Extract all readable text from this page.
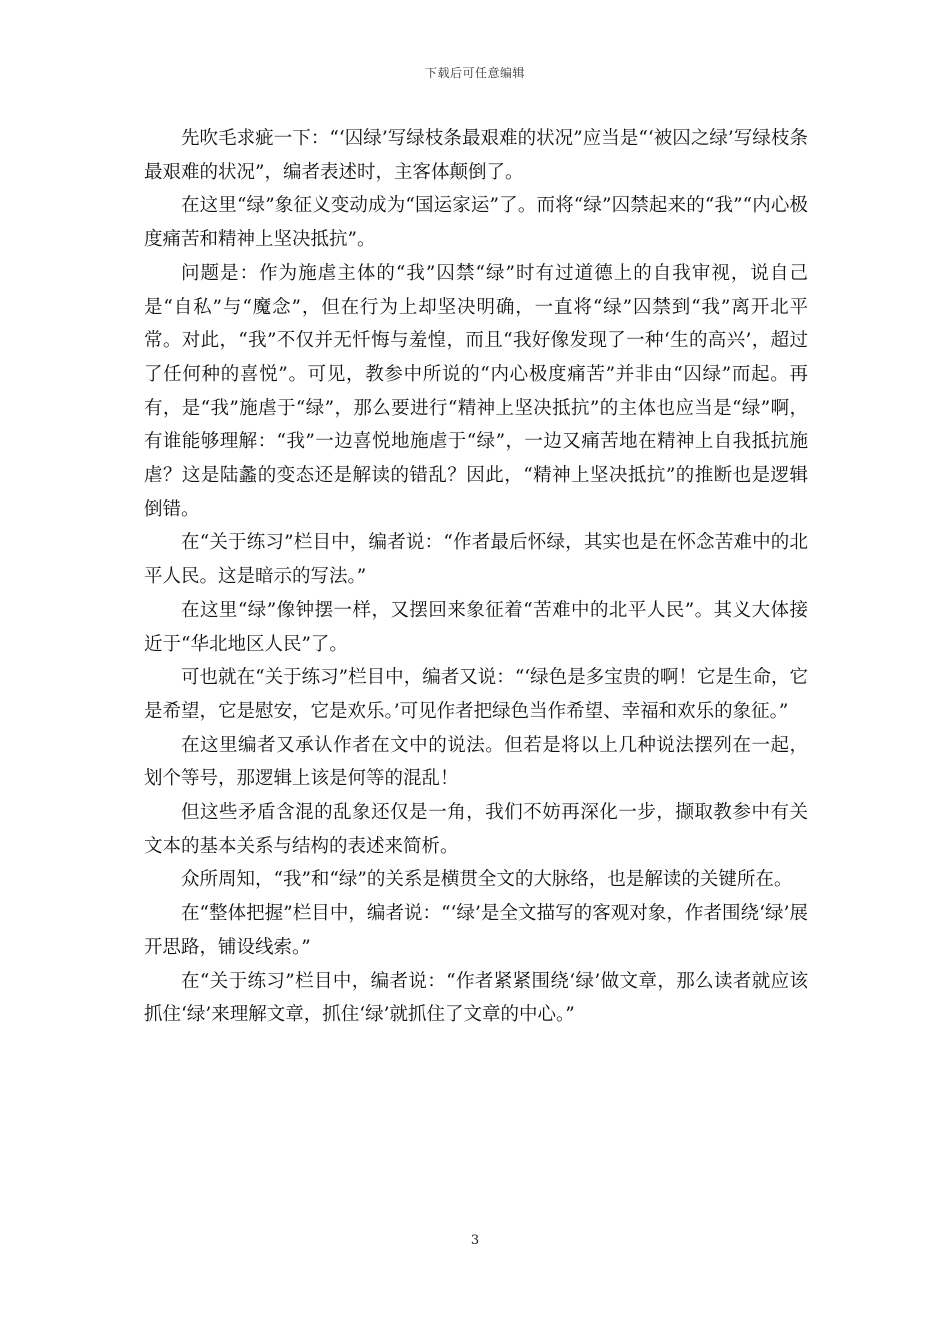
下载后可任意编辑

先吹毛求疵一下：“‘囚绿’写绿枝条最艰难的状况”应当是“‘被囚之绿’写绿枝条最艰难的状况”，编者表述时，主客体颠倒了。

在这里“绿”象征义变动成为“国运家运”了。而将“绿”囚禁起来的“我”“内心极度痛苦和精神上坚决抵抗”。

问题是：作为施虐主体的“我”囚禁“绿”时有过道德上的自我审视，说自己是“自私”与“魔念”，但在行为上却坚决明确，一直将“绿”囚禁到“我”离开北平常。对此，“我”不仅并无忏悔与羞惶，而且“我好像发现了一种‘生的高兴’，超过了任何种的喜悦”。可见，教参中所说的“内心极度痛苦”并非由“囚绿”而起。再有，是“我”施虐于“绿”，那么要进行“精神上坚决抵抗”的主体也应当是“绿”啊，有谁能够理解：“我”一边喜悦地施虐于“绿”，一边又痛苦地在精神上自我抵抗施虐？这是陆蠡的变态还是解读的错乱？因此，“精神上坚决抵抗”的推断也是逻辑倒错。

在“关于练习”栏目中，编者说：“作者最后怀绿，其实也是在怀念苦难中的北平人民。这是暗示的写法。”

在这里“绿”像钟摆一样，又摆回来象征着“苦难中的北平人民”。其义大体接近于“华北地区人民”了。

可也就在“关于练习”栏目中，编者又说：“‘绿色是多宝贵的啊！它是生命，它是希望，它是慰安，它是欢乐。’可见作者把绿色当作希望、幸福和欢乐的象征。”

在这里编者又承认作者在文中的说法。但若是将以上几种说法摆列在一起，划个等号，那逻辑上该是何等的混乱！

但这些矛盾含混的乱象还仅是一角，我们不妨再深化一步，撷取教参中有关文本的基本关系与结构的表述来简析。

众所周知，“我”和“绿”的关系是横贯全文的大脉络，也是解读的关键所在。

在“整体把握”栏目中，编者说：“‘绿’是全文描写的客观对象，作者围绕‘绿’展开思路，铺设线索。”

在“关于练习”栏目中，编者说：“作者紧紧围绕‘绿’做文章，那么读者就应该抓住‘绿’来理解文章，抓住‘绿’就抓住了文章的中心。”

3
